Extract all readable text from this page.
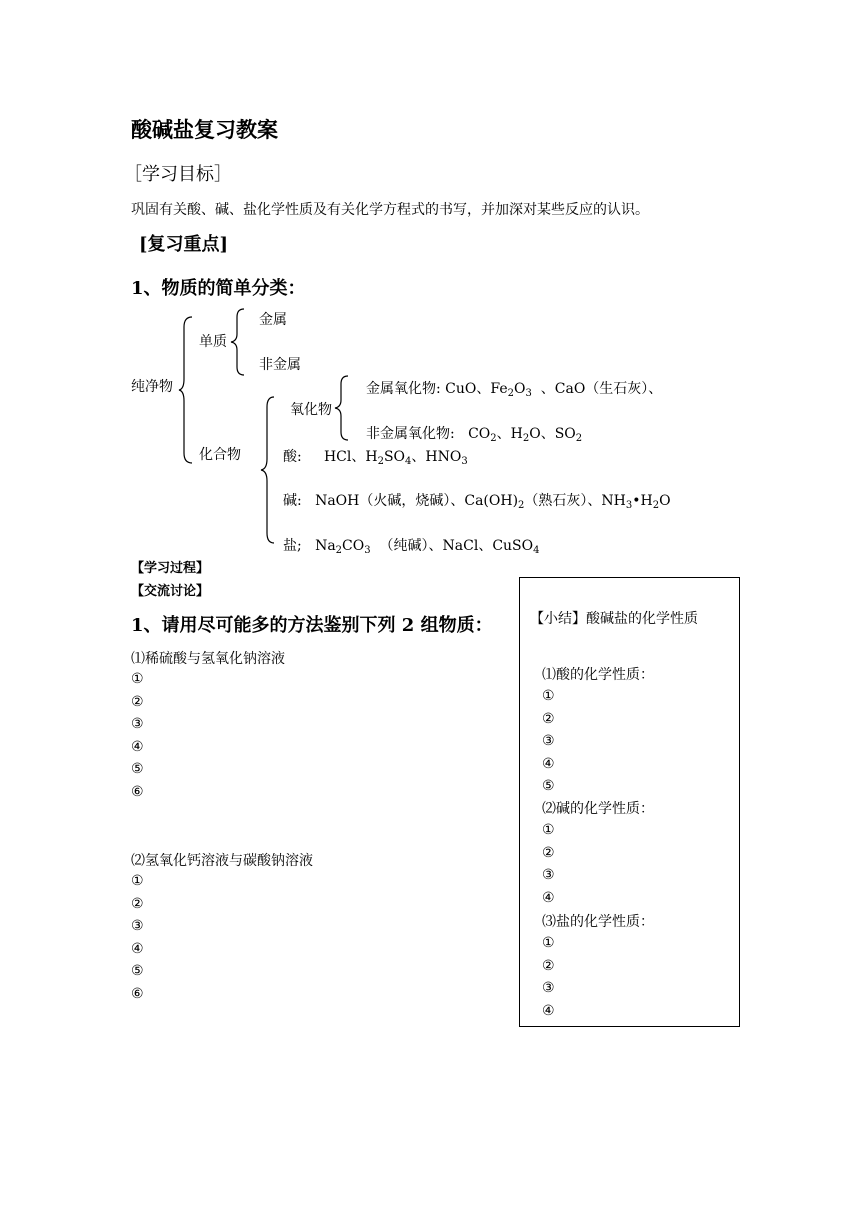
酸碱盐复习教案
［学习目标］
巩固有关酸、碱、盐化学性质及有关化学方程式的书写，并加深对某些反应的认识。
[复习重点]
1、物质的简单分类：
纯净物
单质
金属
非金属
化合物
氧化物
金属氧化物: CuO、$Fe_2O_3$  、CaO（生石灰）、
非金属氧化物:   $CO_2$、$H_2O$、$SO_2$
酸:     HCl、$H_2SO_4$、$HNO_3$
碱: NaOH（火碱，烧碱）、$Ca(OH)_2$（熟石灰）、$NH_3•H_2O$
盐;   $Na_2CO_3$ （纯碱）、NaCl、CuSO$_4$
【学习过程】
【交流讨论】
1、请用尽可能多的方法鉴别下列 2 组物质：
⑴稀硫酸与氢氧化钠溶液
①
②
③
④
⑤
⑥
⑵氢氧化钙溶液与碳酸钠溶液
①
②
③
④
⑤
⑥
【小结】酸碱盐的化学性质
⑴酸的化学性质：
①
②
③
④
⑤
⑵碱的化学性质：
①
②
③
④
⑶盐的化学性质：
①
②
③
④
